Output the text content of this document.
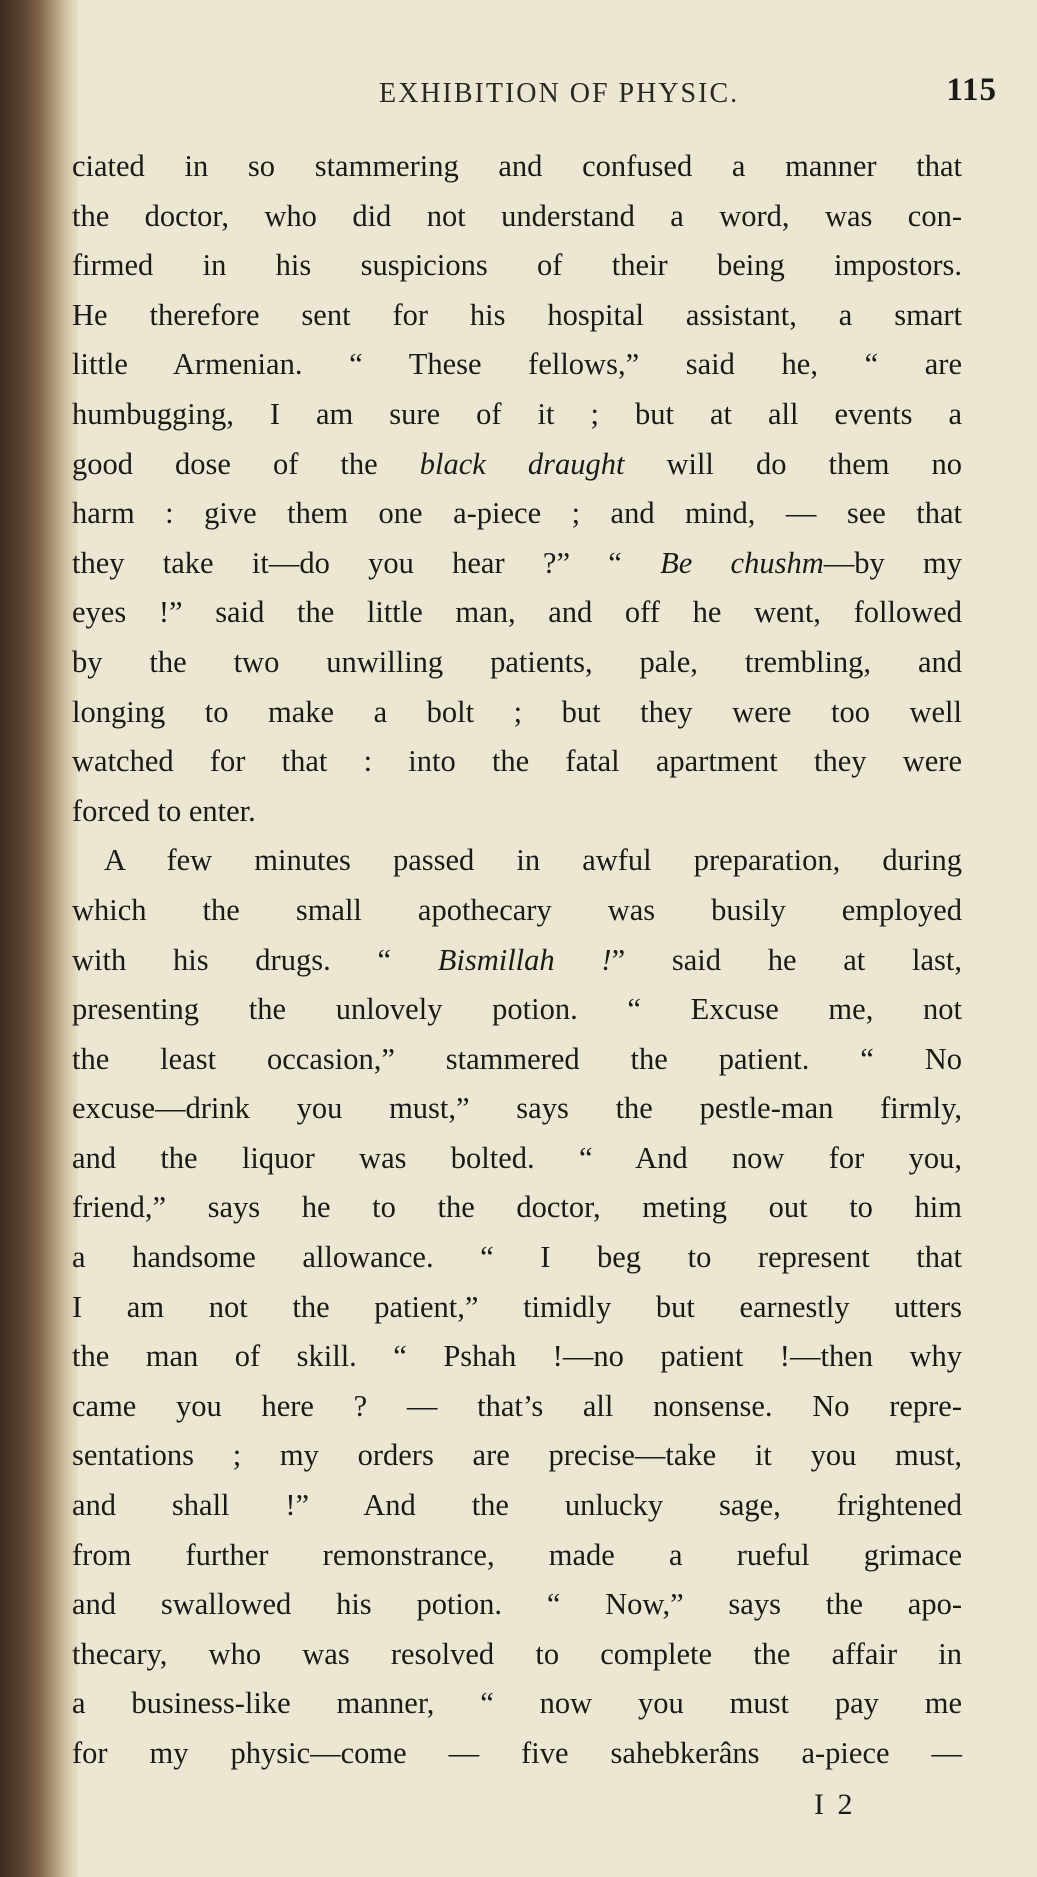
EXHIBITION OF PHYSIC.	115
ciated in so stammering and confused a manner that
the doctor, who did not understand a word, was con-
firmed in his suspicions of their being impostors.
He therefore sent for his hospital assistant, a smart
little Armenian. “ These fellows,” said he, “ are
humbugging, I am sure of it ; but at all events a
good dose of the black draught will do them no
harm : give them one a-piece ; and mind, — see that
they take it—do you hear ?” “ Be chushm—by my
eyes !” said the little man, and off he went, followed
by the two unwilling patients, pale, trembling, and
longing to make a bolt ; but they were too well
watched for that : into the fatal apartment they were
forced to enter.
A few minutes passed in awful preparation, during
which the small apothecary was busily employed
with his drugs. “ Bismillah !” said he at last,
presenting the unlovely potion. “ Excuse me, not
the least occasion,” stammered the patient. “ No
excuse—drink you must,” says the pestle-man firmly,
and the liquor was bolted. “ And now for you,
friend,” says he to the doctor, meting out to him
a handsome allowance. “ I beg to represent that
I am not the patient,” timidly but earnestly utters
the man of skill. “ Pshah !—no patient !—then why
came you here ? — that’s all nonsense. No repre-
sentations ; my orders are precise—take it you must,
and shall !” And the unlucky sage, frightened
from further remonstrance, made a rueful grimace
and swallowed his potion. “ Now,” says the apo-
thecary, who was resolved to complete the affair in
a business-like manner, “ now you must pay me
for my physic—come — five sahebkerâns a-piece —
I 2
